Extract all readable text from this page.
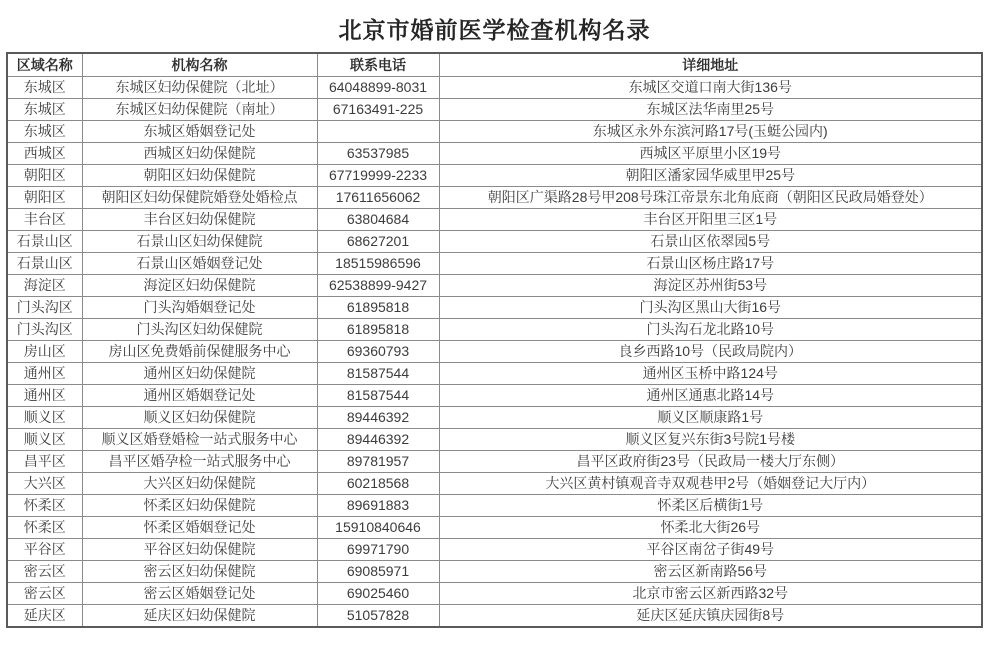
北京市婚前医学检查机构名录
区域名称	机构名称	联系电话	详细地址
东城区	东城区妇幼保健院（北址）	64048899-8031	东城区交道口南大街136号
东城区	东城区妇幼保健院（南址）	67163491-225	东城区法华南里25号
东城区	东城区婚姻登记处		东城区永外东滨河路17号(玉蜓公园内)
西城区	西城区妇幼保健院	63537985	西城区平原里小区19号
朝阳区	朝阳区妇幼保健院	67719999-2233	朝阳区潘家园华威里甲25号
朝阳区	朝阳区妇幼保健院婚登处婚检点	17611656062	朝阳区广渠路28号甲208号珠江帝景东北角底商（朝阳区民政局婚登处）
丰台区	丰台区妇幼保健院	63804684	丰台区开阳里三区1号
石景山区	石景山区妇幼保健院	68627201	石景山区依翠园5号
石景山区	石景山区婚姻登记处	18515986596	石景山区杨庄路17号
海淀区	海淀区妇幼保健院	62538899-9427	海淀区苏州街53号
门头沟区	门头沟婚姻登记处	61895818	门头沟区黑山大街16号
门头沟区	门头沟区妇幼保健院	61895818	门头沟石龙北路10号
房山区	房山区免费婚前保健服务中心	69360793	良乡西路10号（民政局院内）
通州区	通州区妇幼保健院	81587544	通州区玉桥中路124号
通州区	通州区婚姻登记处	81587544	通州区通惠北路14号
顺义区	顺义区妇幼保健院	89446392	顺义区顺康路1号
顺义区	顺义区婚登婚检一站式服务中心	89446392	顺义区复兴东街3号院1号楼
昌平区	昌平区婚孕检一站式服务中心	89781957	昌平区政府街23号（民政局一楼大厅东侧）
大兴区	大兴区妇幼保健院	60218568	大兴区黄村镇观音寺双观巷甲2号（婚姻登记大厅内）
怀柔区	怀柔区妇幼保健院	89691883	怀柔区后横街1号
怀柔区	怀柔区婚姻登记处	15910840646	怀柔北大街26号
平谷区	平谷区妇幼保健院	69971790	平谷区南岔子街49号
密云区	密云区妇幼保健院	69085971	密云区新南路56号
密云区	密云区婚姻登记处	69025460	北京市密云区新西路32号
延庆区	延庆区妇幼保健院	51057828	延庆区延庆镇庆园街8号
